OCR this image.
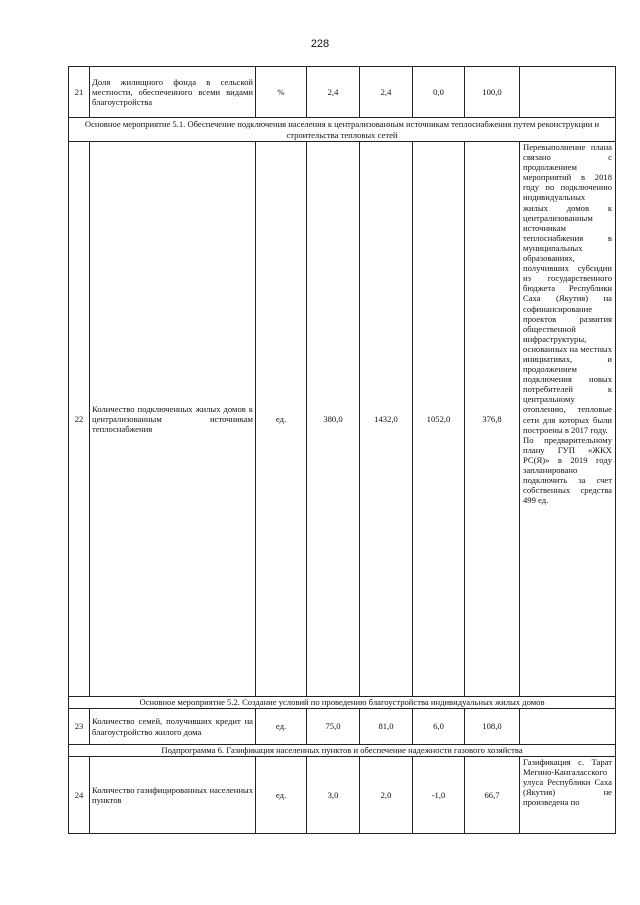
228
21	Доля жилищного фонда в сельской местности, обеспеченного всеми видами благоустройства	%	2,4	2,4	0,0	100,0	
Основное мероприятие 5.1. Обеспечение подключения населения к централизованным источникам теплоснабжения путем реконструкции и строительства тепловых сетей							
22	Количество подключенных жилых домов к централизованным источникам теплоснабжения	ед.	380,0	1432,0	1052,0	376,8	Перевыполнение плана связано с продолжением мероприятий в 2018 году по подключению индивидуальных жилых домов к централизованным источникам теплоснабжения в муниципальных образованиях, получивших субсидии из государственного бюджета Республики Саха (Якутия) на софинансирование проектов развития общественной инфраструктуры, основанных на местных инициативах, и продолжением подключения новых потребителей к центральному отоплению, тепловые сети для которых были построены в 2017 году.
По предварительному плану ГУП «ЖКХ РС(Я)» в 2019 году запланировано подключить за счет собственных средства 499 ед.

Основное мероприятие 5.2. Создание условий по проведению благоустройства индивидуальных жилых домов							
23	Количество семей, получивших кредит на благоустройство жилого дома	ед.	75,0	81,0	6,0	108,0	
Подпрограмма 6. Газификация населенных пунктов и обеспечение надежности газового хозяйства							
24	Количество газифицированных населенных пунктов	ед.	3,0	2,0	-1,0	66,7	Газификация с. Тарат Мегино-Кангаласского улуса Республики Саха (Якутия) не произведена по
